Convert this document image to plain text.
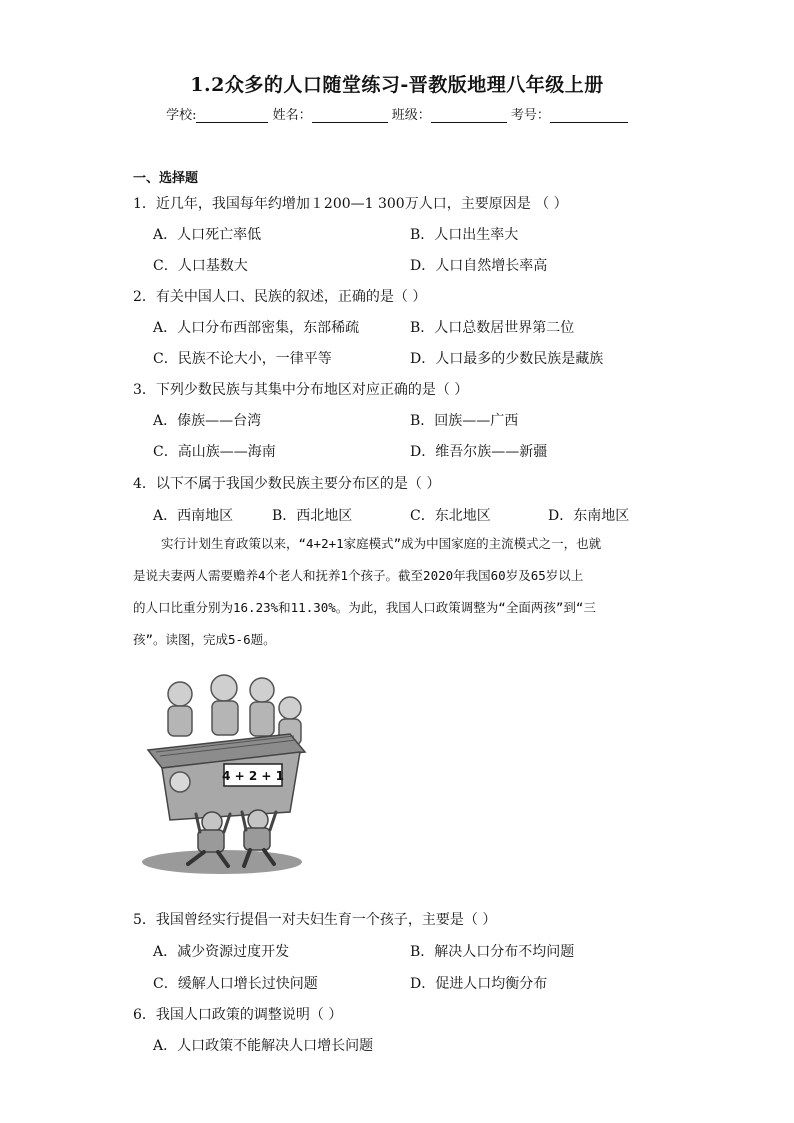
1.2众多的人口随堂练习-晋教版地理八年级上册
学校:	姓名：	班级：	考号：
一、选择题
1．近几年，我国每年约增加１200—1 300万人口，主要原因是 （ ）
A．人口死亡率低	B．人口出生率大
C．人口基数大	D．人口自然增长率高
2．有关中国人口、民族的叙述，正确的是（ ）
A．人口分布西部密集，东部稀疏	B．人口总数居世界第二位
C．民族不论大小，一律平等	D．人口最多的少数民族是藏族
3．下列少数民族与其集中分布地区对应正确的是（ ）
A．傣族——台湾	B．回族——广西
C．高山族——海南	D．维吾尔族——新疆
4．以下不属于我国少数民族主要分布区的是（ ）
A．西南地区	B．西北地区	C．东北地区	D．东南地区
实行计划生育政策以来，“4+2+1家庭模式”成为中国家庭的主流模式之一，也就
是说夫妻两人需要赡养4个老人和抚养1个孩子。截至2020年我国60岁及65岁以上
的人口比重分别为16.23%和11.30%。为此，我国人口政策调整为“全面两孩”到“三
孩”。读图，完成5-6题。
4 + 2 + 1
5．我国曾经实行提倡一对夫妇生育一个孩子，主要是（ ）
A．减少资源过度开发	B．解决人口分布不均问题
C．缓解人口增长过快问题	D．促进人口均衡分布
6．我国人口政策的调整说明（ ）
A．人口政策不能解决人口增长问题
